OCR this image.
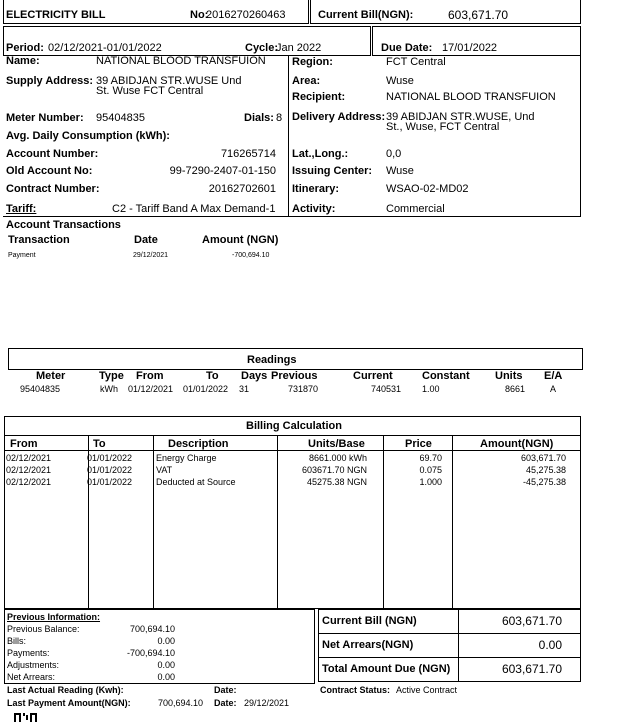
ELECTRICITY BILL	No:
2016270260463	Current Bill(NGN):	603,671.70
Period: 02/12/2021-01/01/2022	Cycle:
Jan 2022	Due Date: 17/01/2022
Name:	NATIONAL BLOOD TRANSFUION
Supply Address: 39 ABIDJAN STR.WUSE Und
St. Wuse FCT Central
Meter Number: 95404835	Dials: 8
Avg. Daily Consumption (kWh):
Account Number:	716265714
Old Account No:	99-7290-2407-01-150
Contract Number:	20162702601
Tariff:	C2 - Tariff Band A Max Demand-1
Region:	FCT Central
Area:	Wuse
Recipient:	NATIONAL BLOOD TRANSFUION
Delivery Address: 39 ABIDJAN STR.WUSE, Und
St., Wuse, FCT Central
Lat.,Long.:	0,0
Issuing Center: Wuse
Itinerary:	WSAO-02-MD02
Activity:	Commercial
Account Transactions
Transaction	Date	Amount (NGN)
Payment	29/12/2021	-700,694.10
Readings
Meter	Type From	To Days Previous	Current	Constant Units E/A
95404835	kWh 01/12/2021 01/01/2022 31	731870	740531 1.00	8661	A
Billing Calculation
From	To	Description	Units/Base	Price	Amount(NGN)
02/12/2021	01/01/2022	Energy Charge	8661.000 kWh	69.70	603,671.70
02/12/2021	01/01/2022	VAT	603671.70 NGN	0.075	45,275.38
02/12/2021	01/01/2022	Deducted at Source	45275.38 NGN	1.000	-45,275.38
Previous Information:
Previous Balance:	700,694.10
Bills:	0.00
Payments:	-700,694.10
Adjustments:	0.00
Net Arrears:	0.00
Last Actual Reading (Kwh):	Date:
Last Payment Amount(NGN):	700,694.10 Date: 29/12/2021
Current Bill (NGN)	603,671.70
Net Arrears(NGN)	0.00
Total Amount Due (NGN)	603,671.70
Contract Status: Active Contract
